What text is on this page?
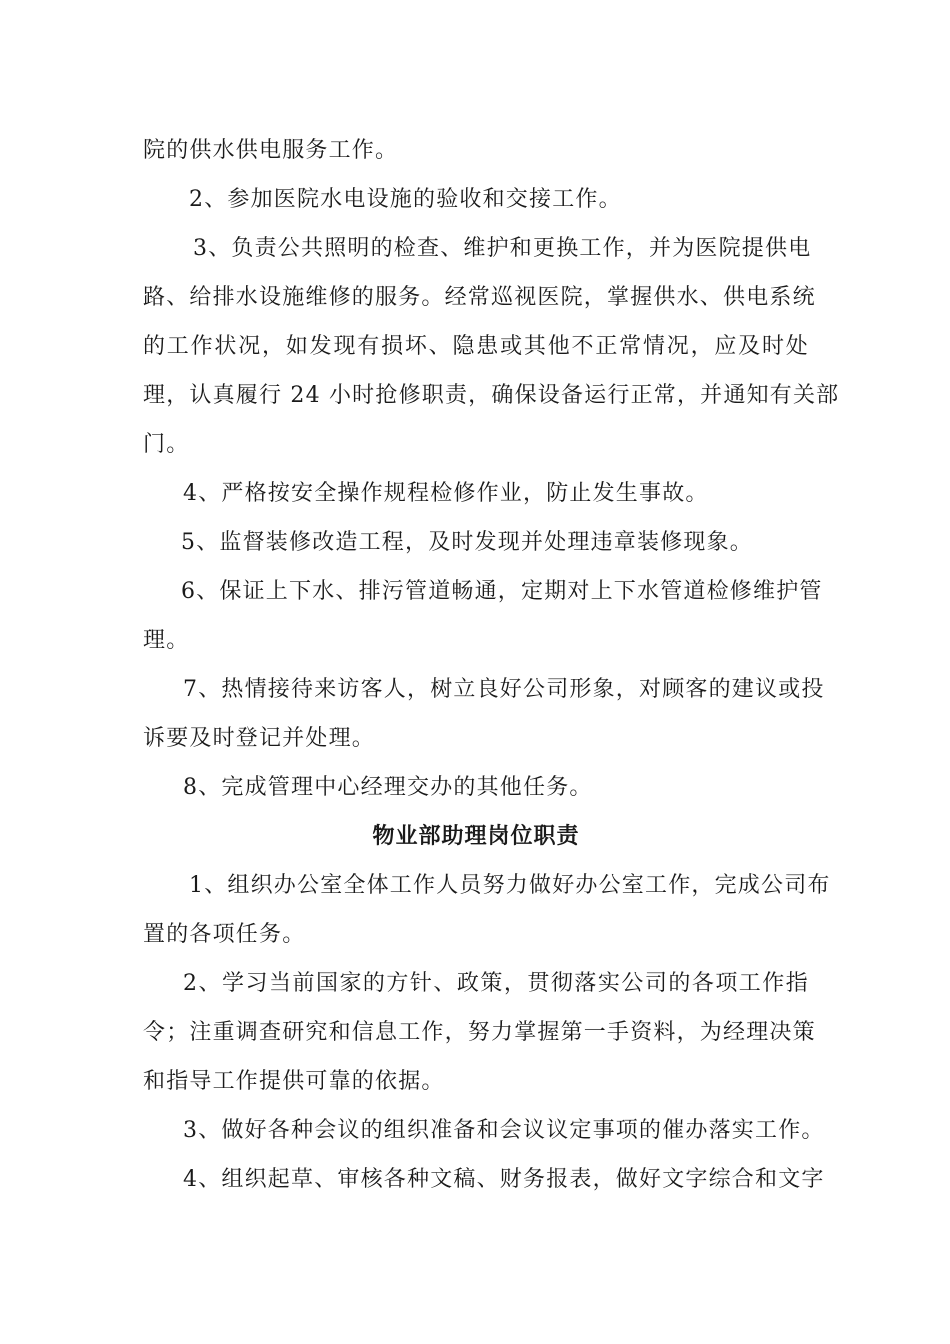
院的供水供电服务工作。
2、参加医院水电设施的验收和交接工作。
3、负责公共照明的检查、维护和更换工作，并为医院提供电
路、给排水设施维修的服务。经常巡视医院，掌握供水、供电系统
的工作状况，如发现有损坏、隐患或其他不正常情况，应及时处
理，认真履行 24 小时抢修职责，确保设备运行正常，并通知有关部
门。
4、严格按安全操作规程检修作业，防止发生事故。
5、监督装修改造工程，及时发现并处理违章装修现象。
6、保证上下水、排污管道畅通，定期对上下水管道检修维护管
理。
7、热情接待来访客人，树立良好公司形象，对顾客的建议或投
诉要及时登记并处理。
8、完成管理中心经理交办的其他任务。
物业部助理岗位职责
1、组织办公室全体工作人员努力做好办公室工作，完成公司布
置的各项任务。
2、学习当前国家的方针、政策，贯彻落实公司的各项工作指
令；注重调查研究和信息工作，努力掌握第一手资料，为经理决策
和指导工作提供可靠的依据。
3、做好各种会议的组织准备和会议议定事项的催办落实工作。
4、组织起草、审核各种文稿、财务报表，做好文字综合和文字
